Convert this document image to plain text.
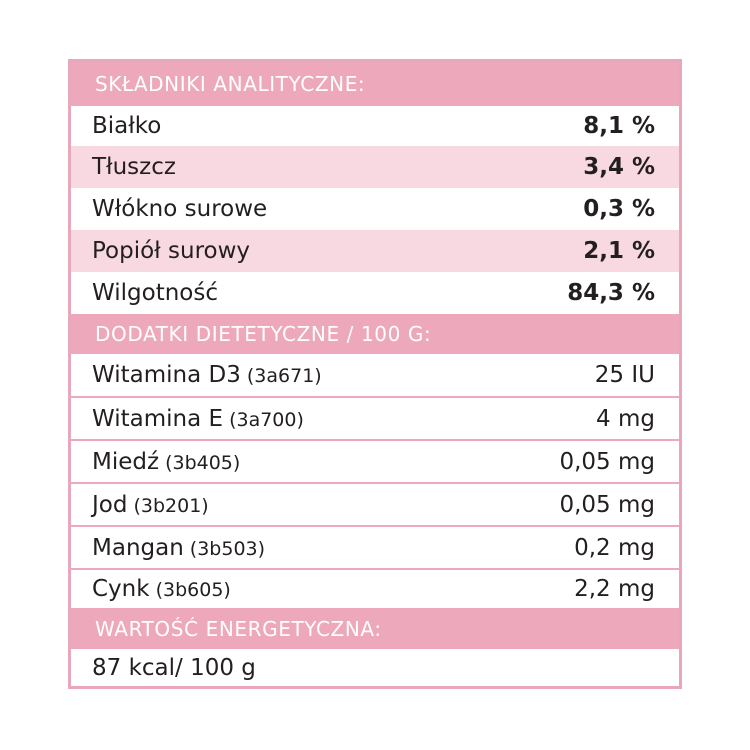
SKŁADNIKI ANALITYCZNE:
Białko	8,1 %
Tłuszcz	3,4 %
Włókno surowe	0,3 %
Popiół surowy	2,1 %
Wilgotność	84,3 %
DODATKI DIETETYCZNE / 100 G:
Witamina D3 (3a671)	25 IU
Witamina E (3a700)	4 mg
Miedź (3b405)	0,05 mg
Jod (3b201)	0,05 mg
Mangan (3b503)	0,2 mg
Cynk (3b605)	2,2 mg
WARTOŚĆ ENERGETYCZNA:
87 kcal/ 100 g
